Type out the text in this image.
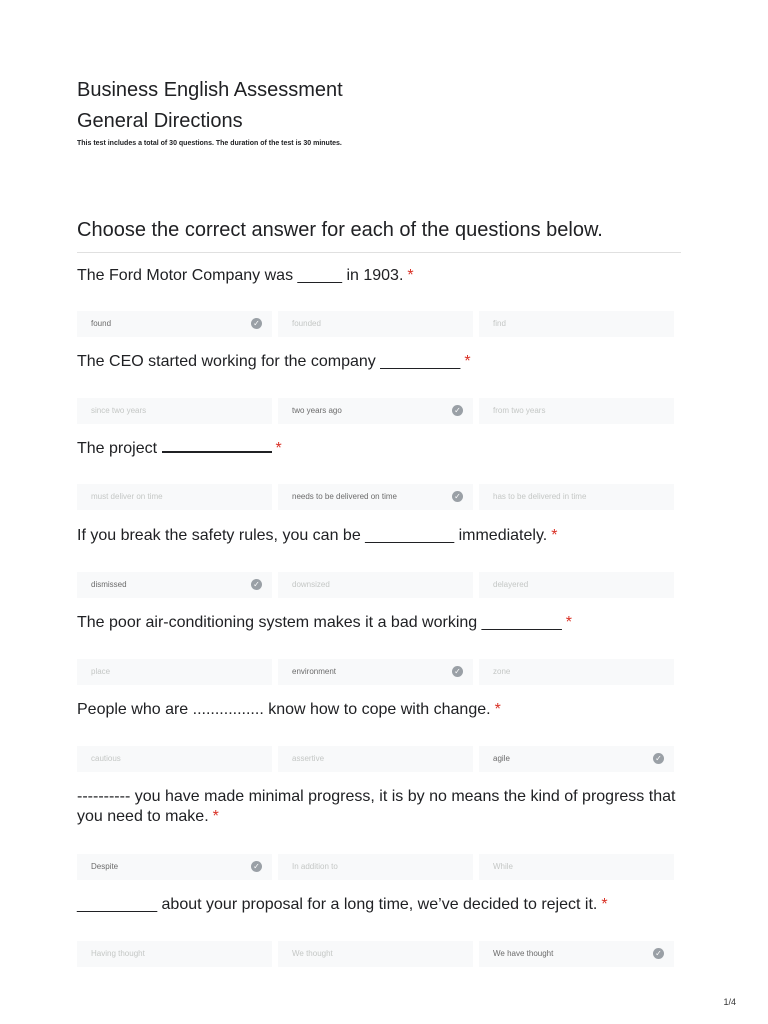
Business English Assessment
General Directions
This test includes a total of 30 questions. The duration of the test is 30 minutes.
Choose the correct answer for each of the questions below.
The Ford Motor Company was _____ in 1903. *
found	✓	founded	find
The CEO started working for the company _________ *
since two years	two years ago	✓	from two years
The project	*
must deliver on time	needs to be delivered on time	✓	has to be delivered in time
If you break the safety rules, you can be __________ immediately. *
dismissed	✓	downsized	delayered
The poor air-conditioning system makes it a bad working _________ *
place	environment	✓	zone
People who are ................ know how to cope with change. *
cautious	assertive	agile	✓
---------- you have made minimal progress, it is by no means the kind of progress that you need to make. *
Despite	✓	In addition to	While
_________ about your proposal for a long time, we’ve decided to reject it. *
Having thought	We thought	We have thought	✓
1/4
